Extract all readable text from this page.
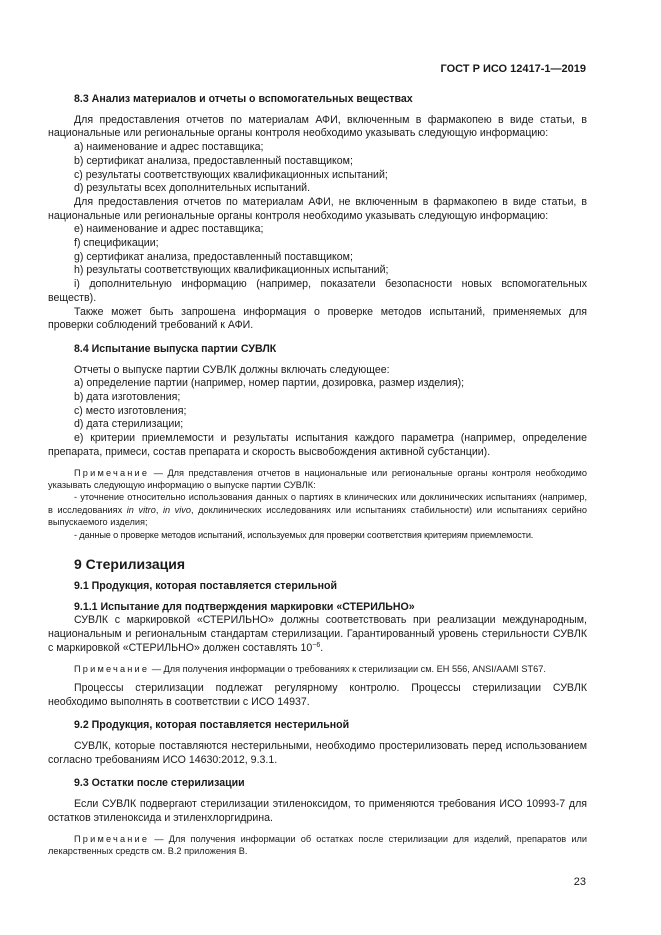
ГОСТ Р ИСО 12417-1—2019
8.3 Анализ материалов и отчеты о вспомогательных веществах

Для предоставления отчетов по материалам АФИ, включенным в фармакопею в виде статьи, в национальные или региональные органы контроля необходимо указывать следующую информацию:

a) наименование и адрес поставщика;

b) сертификат анализа, предоставленный поставщиком;

c) результаты соответствующих квалификационных испытаний;

d) результаты всех дополнительных испытаний.

Для предоставления отчетов по материалам АФИ, не включенным в фармакопею в виде статьи, в национальные или региональные органы контроля необходимо указывать следующую информацию:

e) наименование и адрес поставщика;

f) спецификации;

g) сертификат анализа, предоставленный поставщиком;

h) результаты соответствующих квалификационных испытаний;

i) дополнительную информацию (например, показатели безопасности новых вспомогательных веществ).

Также может быть запрошена информация о проверке методов испытаний, применяемых для проверки соблюдений требований к АФИ.

8.4 Испытание выпуска партии СУВЛК

Отчеты о выпуске партии СУВЛК должны включать следующее:

a) определение партии (например, номер партии, дозировка, размер изделия);

b) дата изготовления;

c) место изготовления;

d) дата стерилизации;

e) критерии приемлемости и результаты испытания каждого параметра (например, определение препарата, примеси, состав препарата и скорость высвобождения активной субстанции).

Примечание — Для представления отчетов в национальные или региональные органы контроля необходимо указывать следующую информацию о выпуске партии СУВЛК:

- уточнение относительно использования данных о партиях в клинических или доклинических испытаниях (например, в исследованиях in vitro, in vivo, доклинических исследованиях или испытаниях стабильности) или испытаниях серийно выпускаемого изделия;

- данные о проверке методов испытаний, используемых для проверки соответствия критериям приемлемости.

9 Стерилизация
9.1 Продукция, которая поставляется стерильной
9.1.1 Испытание для подтверждения маркировки «СТЕРИЛЬНО»

СУВЛК с маркировкой «СТЕРИЛЬНО» должны соответствовать при реализации международным, национальным и региональным стандартам стерилизации. Гарантированный уровень стерильности СУВЛК с маркировкой «СТЕРИЛЬНО» должен составлять $10^{-6}$.

Примечание — Для получения информации о требованиях к стерилизации см. ЕН 556, ANSI/AAMI ST67.

Процессы стерилизации подлежат регулярному контролю. Процессы стерилизации СУВЛК необходимо выполнять в соответствии с ИСО 14937.

9.2 Продукция, которая поставляется нестерильной

СУВЛК, которые поставляются нестерильными, необходимо простерилизовать перед использованием согласно требованиям ИСО 14630:2012, 9.3.1.

9.3 Остатки после стерилизации

Если СУВЛК подвергают стерилизации этиленоксидом, то применяются требования ИСО 10993-7 для остатков этиленоксида и этиленхлоргидрина.

Примечание — Для получения информации об остатках после стерилизации для изделий, препаратов или лекарственных средств см. В.2 приложения В.

23
